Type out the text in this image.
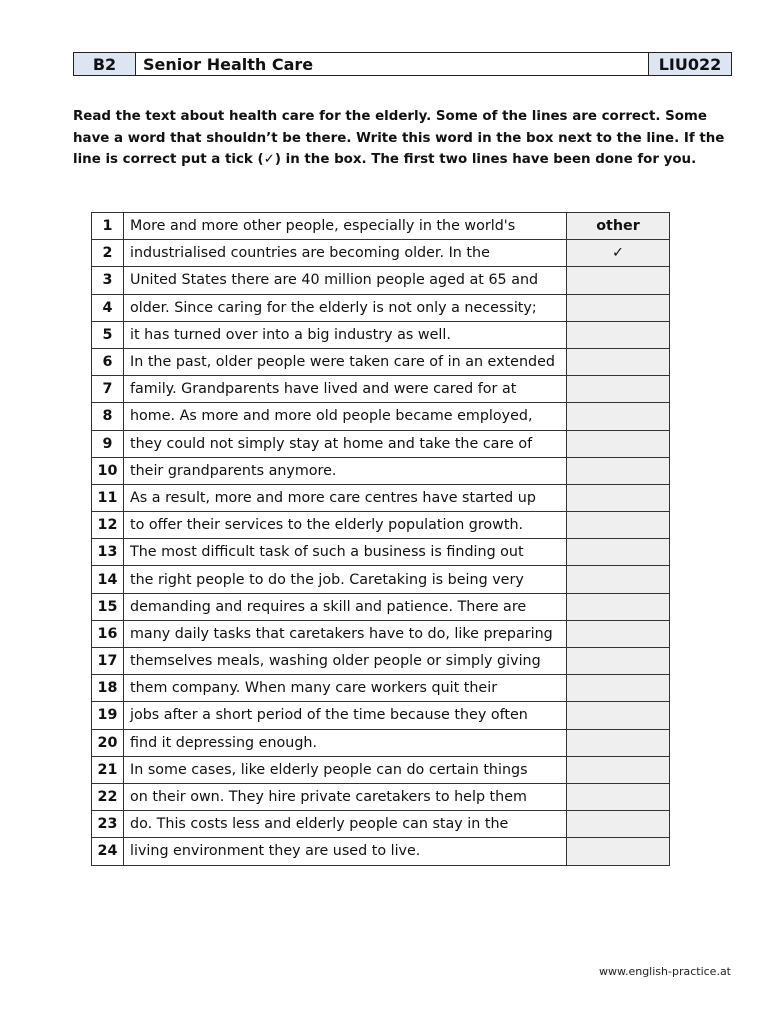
B2	Senior Health Care	LIU022

Read the text about health care for the elderly. Some of the lines are correct. Some have a word that shouldn’t be there. Write this word in the box next to the line. If the line is correct put a tick (✓) in the box. The first two lines have been done for you.

1	More and more other people, especially in the world's	other
2	industrialised countries are becoming older. In the	✓
3	United States there are 40 million people aged at 65 and	
4	older. Since caring for the elderly is not only a necessity;	
5	it has turned over into a big industry as well.	
6	In the past, older people were taken care of in an extended	
7	family. Grandparents have lived and were cared for at	
8	home. As more and more old people became employed,	
9	they could not simply stay at home and take the care of	
10	their grandparents anymore.	
11	As a result, more and more care centres have started up	
12	to offer their services to the elderly population growth.	
13	The most difficult task of such a business is finding out	
14	the right people to do the job. Caretaking is being very	
15	demanding and requires a skill and patience. There are	
16	many daily tasks that caretakers have to do, like preparing	
17	themselves meals, washing older people or simply giving	
18	them company. When many care workers quit their	
19	jobs after a short period of the time because they often	
20	find it depressing enough.	
21	In some cases, like elderly people can do certain things	
22	on their own. They hire private caretakers to help them	
23	do. This costs less and elderly people can stay in the	
24	living environment they are used to live.	
www.english-practice.at
